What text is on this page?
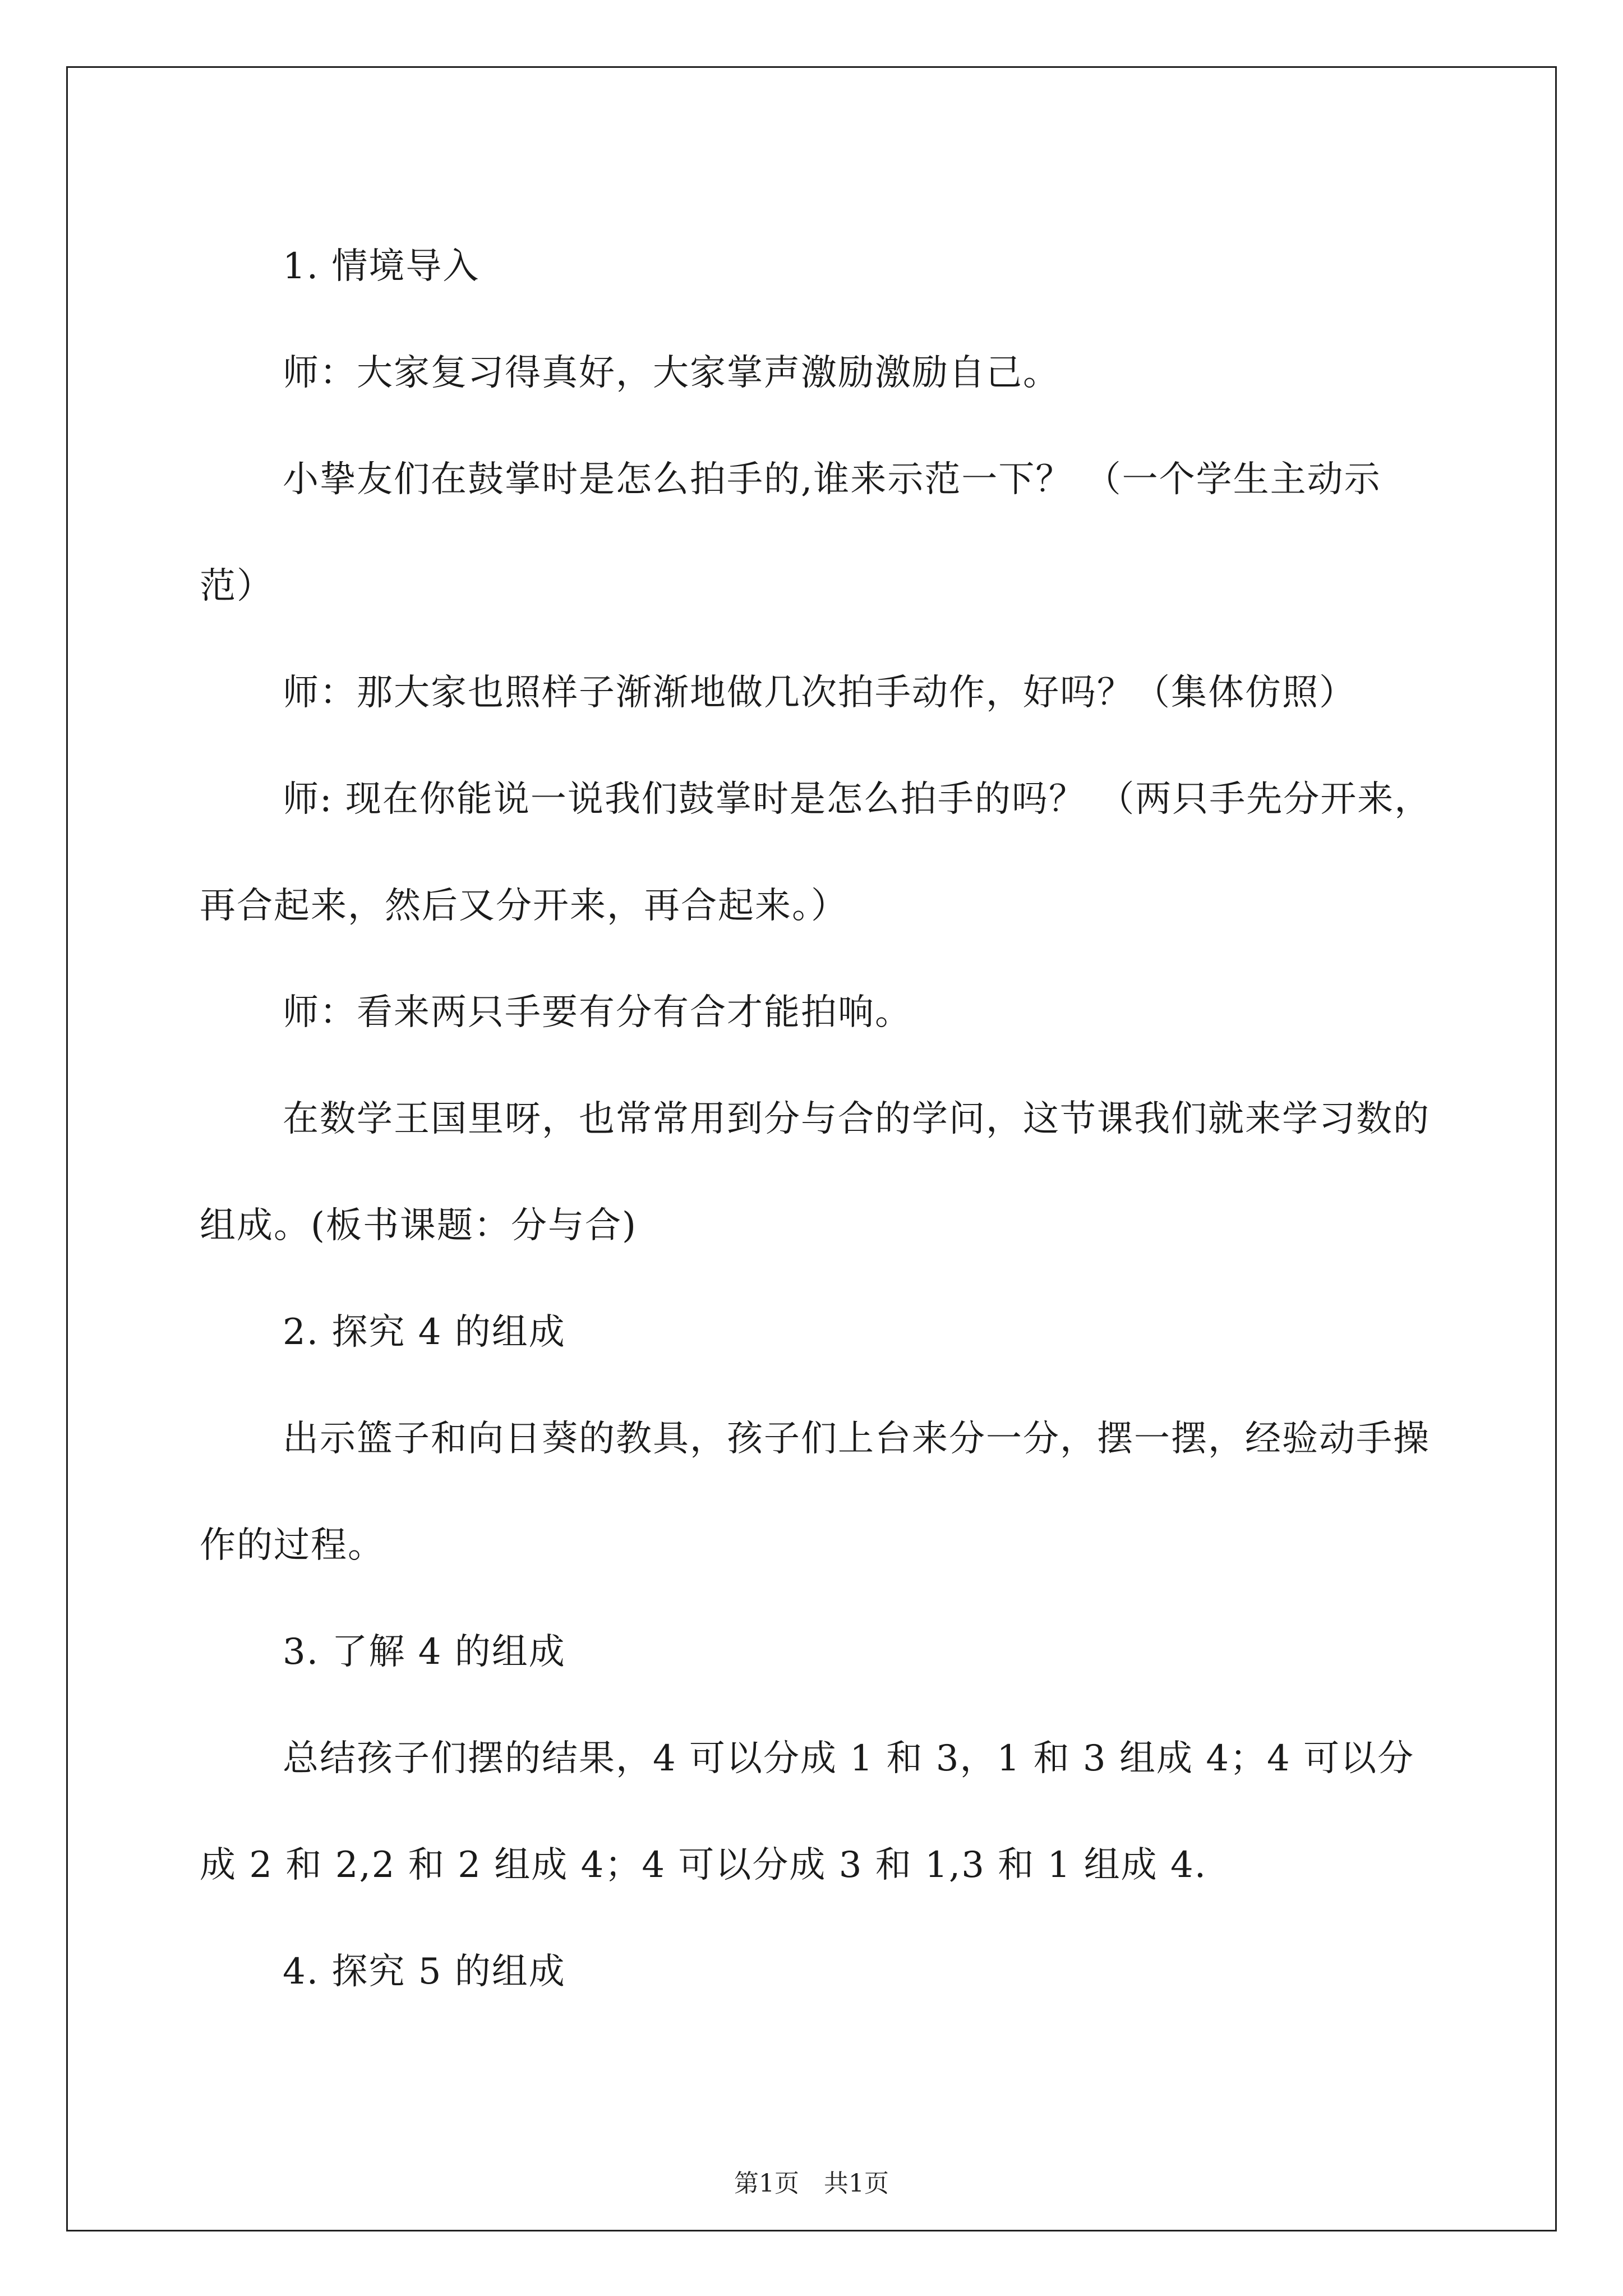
1. 情境导入

师：大家复习得真好，大家掌声激励激励自己。

小挚友们在鼓掌时是怎么拍手的,谁来示范一下？ （一个学生主动示范）

师：那大家也照样子渐渐地做几次拍手动作，好吗？（集体仿照）

师: 现在你能说一说我们鼓掌时是怎么拍手的吗？ （两只手先分开来，再合起来，然后又分开来，再合起来。）

师：看来两只手要有分有合才能拍响。

在数学王国里呀，也常常用到分与合的学问，这节课我们就来学习数的组成。(板书课题：分与合)

2. 探究 4 的组成

出示篮子和向日葵的教具，孩子们上台来分一分，摆一摆，经验动手操作的过程。

3. 了解 4 的组成

总结孩子们摆的结果，4 可以分成 1 和 3，1 和 3 组成 4；4 可以分成 2 和 2,2 和 2 组成 4；4 可以分成 3 和 1,3 和 1 组成 4.

4. 探究 5 的组成

第1页　共1页
